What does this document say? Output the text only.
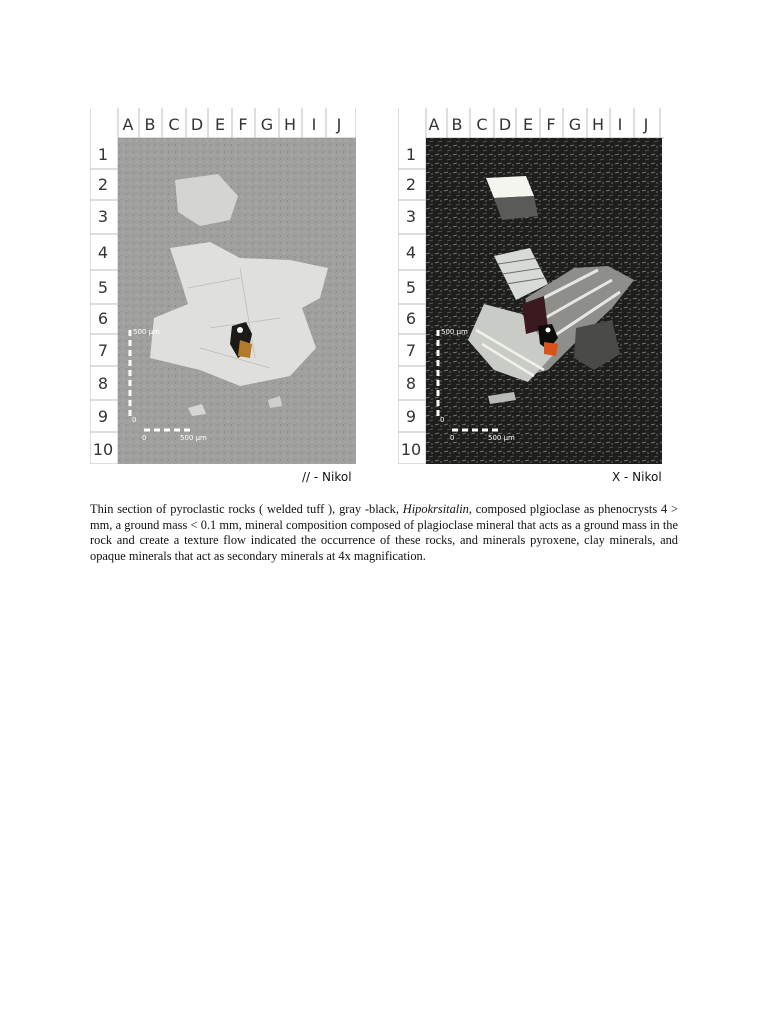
A B C D E F G H I J
1
2
3
4
5
6
7
8
9
10
500 µm
0
0	500 µm
// - Nikol
A B C D E F G H I J
1
2
3
4
5
6
7
8
9
10
500 µm
0
0	500 µm
X - Nikol

Thin section of pyroclastic rocks ( welded tuff ), gray -black, Hipokrsitalin, composed plgioclase as phenocrysts 4 > mm, a ground mass < 0.1 mm, mineral composition composed of plagioclase mineral that acts as a ground mass in the rock and create a texture flow indicated the occurrence of these rocks, and minerals pyroxene, clay minerals, and opaque minerals that act as secondary minerals at 4x magnification.
